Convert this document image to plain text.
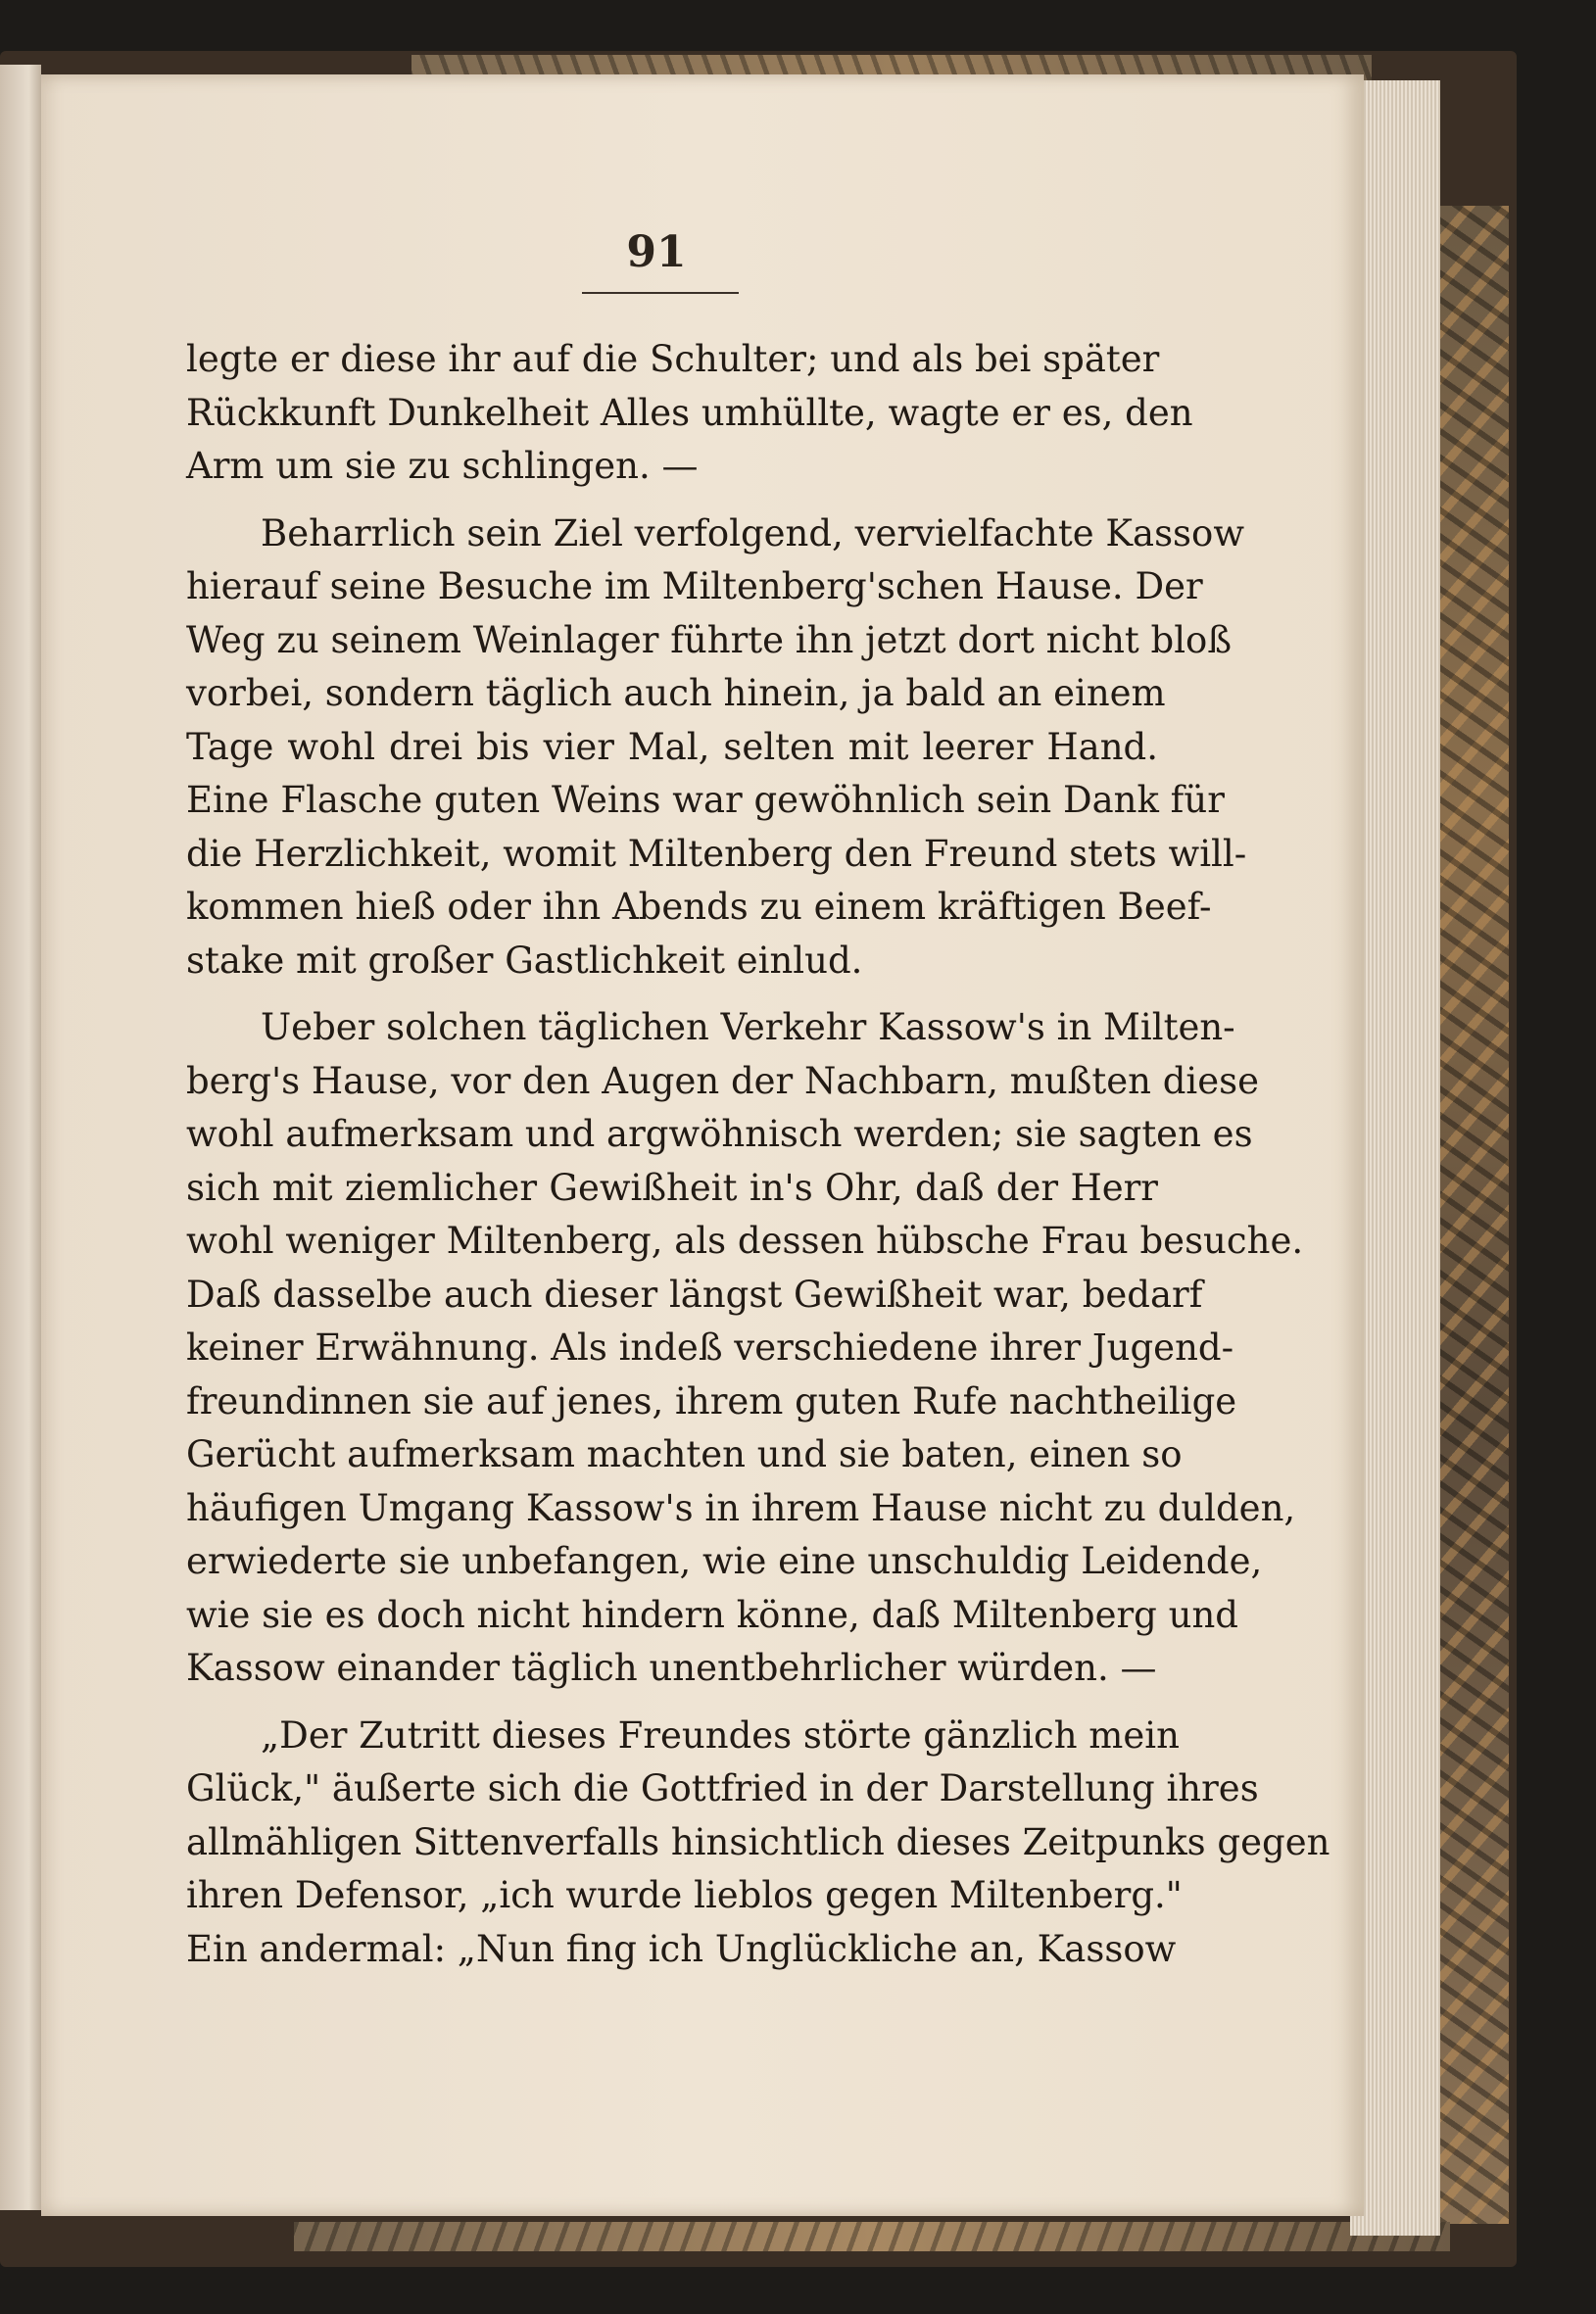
91
legte er diese ihr auf die Schulter; und als bei später
Rückkunft Dunkelheit Alles umhüllte, wagte er es, den
Arm um sie zu schlingen. —
Beharrlich sein Ziel verfolgend, vervielfachte Kassow
hierauf seine Besuche im Miltenberg'schen Hause. Der
Weg zu seinem Weinlager führte ihn jetzt dort nicht bloß
vorbei, sondern täglich auch hinein, ja bald an einem
Tage wohl drei bis vier Mal, selten mit leerer Hand.
Eine Flasche guten Weins war gewöhnlich sein Dank für
die Herzlichkeit, womit Miltenberg den Freund stets will-
kommen hieß oder ihn Abends zu einem kräftigen Beef-
stake mit großer Gastlichkeit einlud.
Ueber solchen täglichen Verkehr Kassow's in Milten-
berg's Hause, vor den Augen der Nachbarn, mußten diese
wohl aufmerksam und argwöhnisch werden; sie sagten es
sich mit ziemlicher Gewißheit in's Ohr, daß der Herr
wohl weniger Miltenberg, als dessen hübsche Frau besuche.
Daß dasselbe auch dieser längst Gewißheit war, bedarf
keiner Erwähnung. Als indeß verschiedene ihrer Jugend-
freundinnen sie auf jenes, ihrem guten Rufe nachtheilige
Gerücht aufmerksam machten und sie baten, einen so
häufigen Umgang Kassow's in ihrem Hause nicht zu dulden,
erwiederte sie unbefangen, wie eine unschuldig Leidende,
wie sie es doch nicht hindern könne, daß Miltenberg und
Kassow einander täglich unentbehrlicher würden. —
„Der Zutritt dieses Freundes störte gänzlich mein
Glück," äußerte sich die Gottfried in der Darstellung ihres
allmähligen Sittenverfalls hinsichtlich dieses Zeitpunks gegen
ihren Defensor, „ich wurde lieblos gegen Miltenberg."
Ein andermal: „Nun fing ich Unglückliche an, Kassow
